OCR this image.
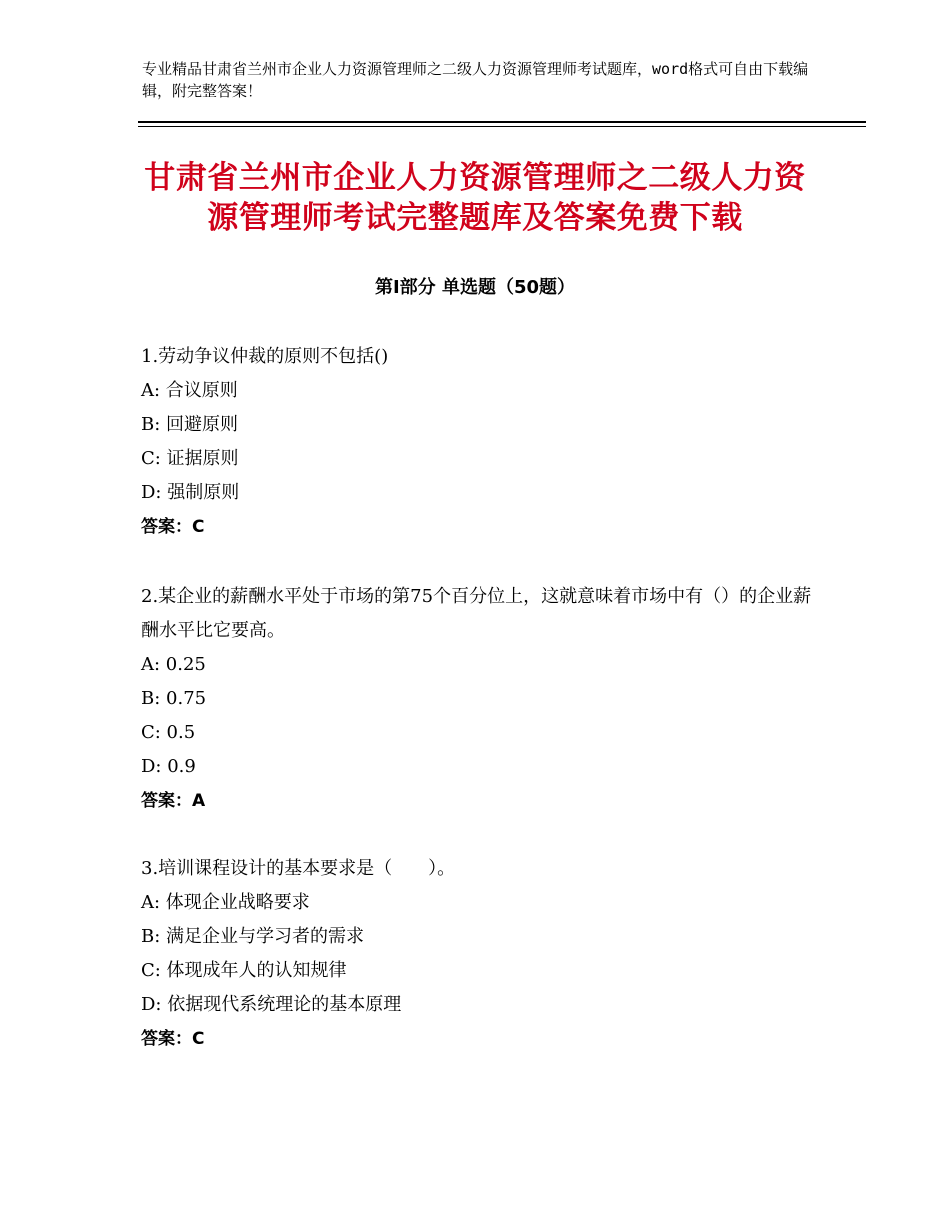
专业精品甘肃省兰州市企业人力资源管理师之二级人力资源管理师考试题库，word格式可自由下载编辑，附完整答案！
甘肃省兰州市企业人力资源管理师之二级人力资源管理师考试完整题库及答案免费下载
第Ⅰ部分 单选题（50题）

1.劳动争议仲裁的原则不包括()

A: 合议原则

B: 回避原则

C: 证据原则

D: 强制原则

答案：C

2.某企业的薪酬水平处于市场的第75个百分位上，这就意味着市场中有（）的企业薪酬水平比它要高。

A: 0.25

B: 0.75

C: 0.5

D: 0.9

答案：A

3.培训课程设计的基本要求是（　　）。

A: 体现企业战略要求

B: 满足企业与学习者的需求

C: 体现成年人的认知规律

D: 依据现代系统理论的基本原理

答案：C
